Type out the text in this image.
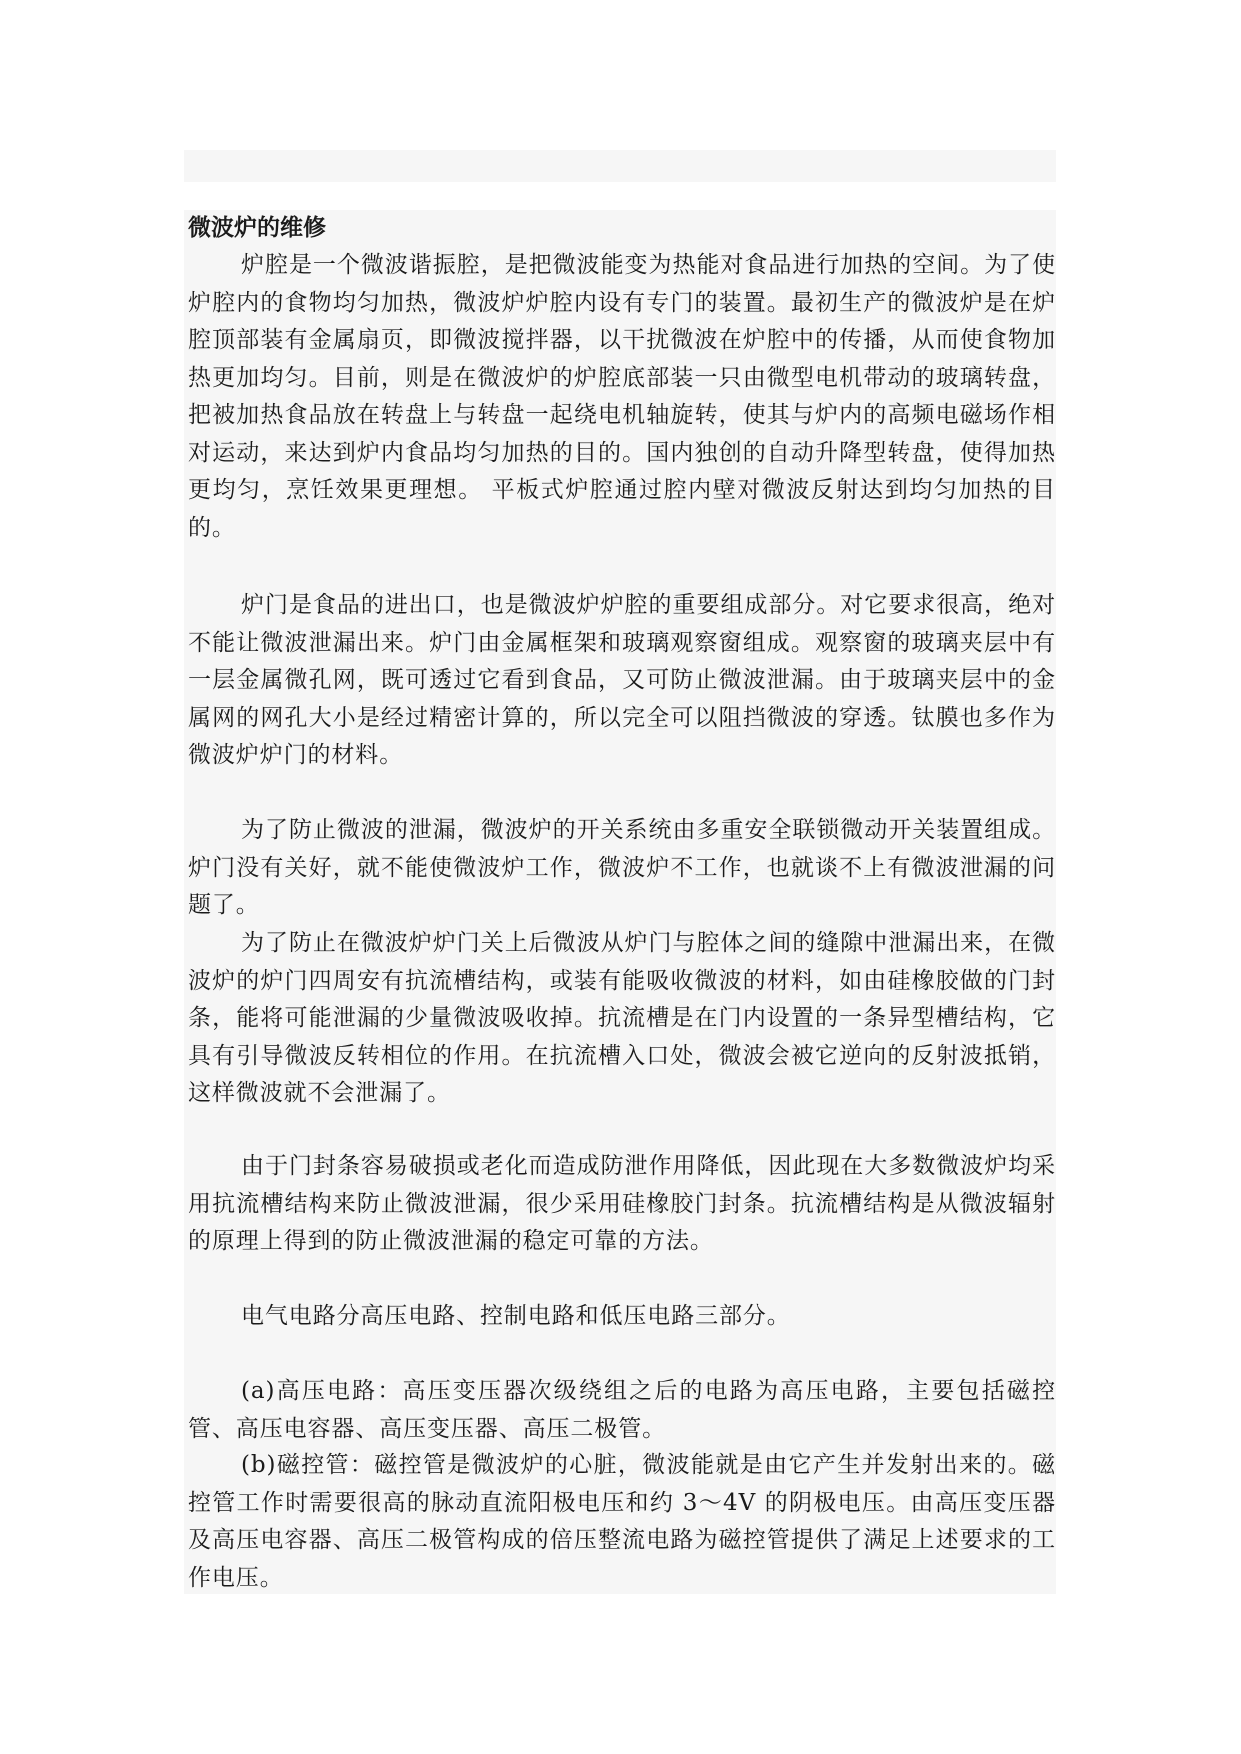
微波炉的维修

炉腔是一个微波谐振腔，是把微波能变为热能对食品进行加热的空间。为了使炉腔内的食物均匀加热，微波炉炉腔内设有专门的装置。最初生产的微波炉是在炉腔顶部装有金属扇页，即微波搅拌器，以干扰微波在炉腔中的传播，从而使食物加热更加均匀。目前，则是在微波炉的炉腔底部装一只由微型电机带动的玻璃转盘，把被加热食品放在转盘上与转盘一起绕电机轴旋转，使其与炉内的高频电磁场作相对运动，来达到炉内食品均匀加热的目的。国内独创的自动升降型转盘，使得加热更均匀，烹饪效果更理想。 平板式炉腔通过腔内壁对微波反射达到均匀加热的目的。

炉门是食品的进出口，也是微波炉炉腔的重要组成部分。对它要求很高，绝对不能让微波泄漏出来。炉门由金属框架和玻璃观察窗组成。观察窗的玻璃夹层中有一层金属微孔网，既可透过它看到食品，又可防止微波泄漏。由于玻璃夹层中的金属网的网孔大小是经过精密计算的，所以完全可以阻挡微波的穿透。钛膜也多作为微波炉炉门的材料。

为了防止微波的泄漏，微波炉的开关系统由多重安全联锁微动开关装置组成。炉门没有关好，就不能使微波炉工作，微波炉不工作，也就谈不上有微波泄漏的问题了。

为了防止在微波炉炉门关上后微波从炉门与腔体之间的缝隙中泄漏出来，在微波炉的炉门四周安有抗流槽结构，或装有能吸收微波的材料，如由硅橡胶做的门封条，能将可能泄漏的少量微波吸收掉。抗流槽是在门内设置的一条异型槽结构，它具有引导微波反转相位的作用。在抗流槽入口处，微波会被它逆向的反射波抵销，这样微波就不会泄漏了。

由于门封条容易破损或老化而造成防泄作用降低，因此现在大多数微波炉均采用抗流槽结构来防止微波泄漏，很少采用硅橡胶门封条。抗流槽结构是从微波辐射的原理上得到的防止微波泄漏的稳定可靠的方法。

电气电路分高压电路、控制电路和低压电路三部分。

(a)高压电路：高压变压器次级绕组之后的电路为高压电路，主要包括磁控管、高压电容器、高压变压器、高压二极管。

(b)磁控管：磁控管是微波炉的心脏，微波能就是由它产生并发射出来的。磁控管工作时需要很高的脉动直流阳极电压和约 3～4V 的阴极电压。由高压变压器及高压电容器、高压二极管构成的倍压整流电路为磁控管提供了满足上述要求的工作电压。
